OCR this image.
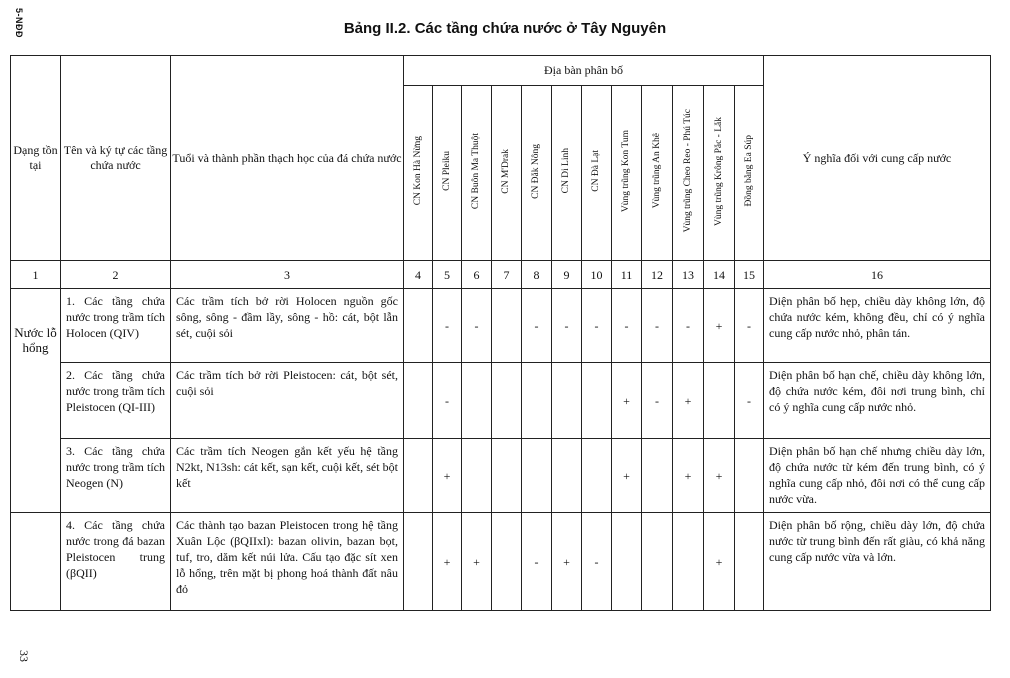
5-NĐĐ	Bảng II.2. Các tầng chứa nước ở Tây Nguyên
Dạng tồn tại	Tên và ký tự các tầng chứa nước	Tuổi và thành phần thạch học của đá chứa nước	Địa bàn phân bố												Ý nghĩa đối với cung cấp nước
			CN Kon Hà Nừng	CN Pleiku	CN Buôn Ma Thuột	CN M'Drak	CN Đắk Nông	CN Di Linh	CN Đà Lạt	Vùng trũng Kon Tum	Vùng trũng An Khê	Vùng trũng Cheo Reo - Phú Túc	Vùng trũng Krông Pắc - Lắk	Đồng bằng Ea Súp	
1	2	3	4	5	6	7	8	9	10	11	12	13	14	15	16
Nước lỗ hổng	1. Các tầng chứa nước trong trầm tích Holocen (QIV)	Các trầm tích bở rời Holocen nguồn gốc sông, sông - đầm lầy, sông - hồ: cát, bột lẫn sét, cuội sỏi		-	-		-	-	-	-	-	-	+	-	Diện phân bố hẹp, chiều dày không lớn, độ chứa nước kém, không đều, chỉ có ý nghĩa cung cấp nước nhỏ, phân tán.
	2. Các tầng chứa nước trong trầm tích Pleistocen (QI-III)	Các trầm tích bở rời Pleistocen: cát, bột sét, cuội sỏi		-						+	-	+		-	Diện phân bố hạn chế, chiều dày không lớn, độ chứa nước kém, đôi nơi trung bình, chỉ có ý nghĩa cung cấp nước nhỏ.
	3. Các tầng chứa nước trong trầm tích Neogen (N)	Các trầm tích Neogen gắn kết yếu hệ tầng N2kt, N13sh: cát kết, sạn kết, cuội kết, sét bột kết		+						+		+	+		Diện phân bố hạn chế nhưng chiều dày lớn, độ chứa nước từ kém đến trung bình, có ý nghĩa cung cấp nhỏ, đôi nơi có thể cung cấp nước vừa.
	4. Các tầng chứa nước trong đá bazan Pleistocen trung (βQII)	Các thành tạo bazan Pleistocen trong hệ tầng Xuân Lộc (βQIIxl): bazan olivin, bazan bọt, tuf, tro, dăm kết núi lửa. Cấu tạo đặc sít xen lỗ hổng, trên mặt bị phong hoá thành đất nâu đỏ		+	+		-	+	-				+		Diện phân bố rộng, chiều dày lớn, độ chứa nước từ trung bình đến rất giàu, có khả năng cung cấp nước vừa và lớn.
33
